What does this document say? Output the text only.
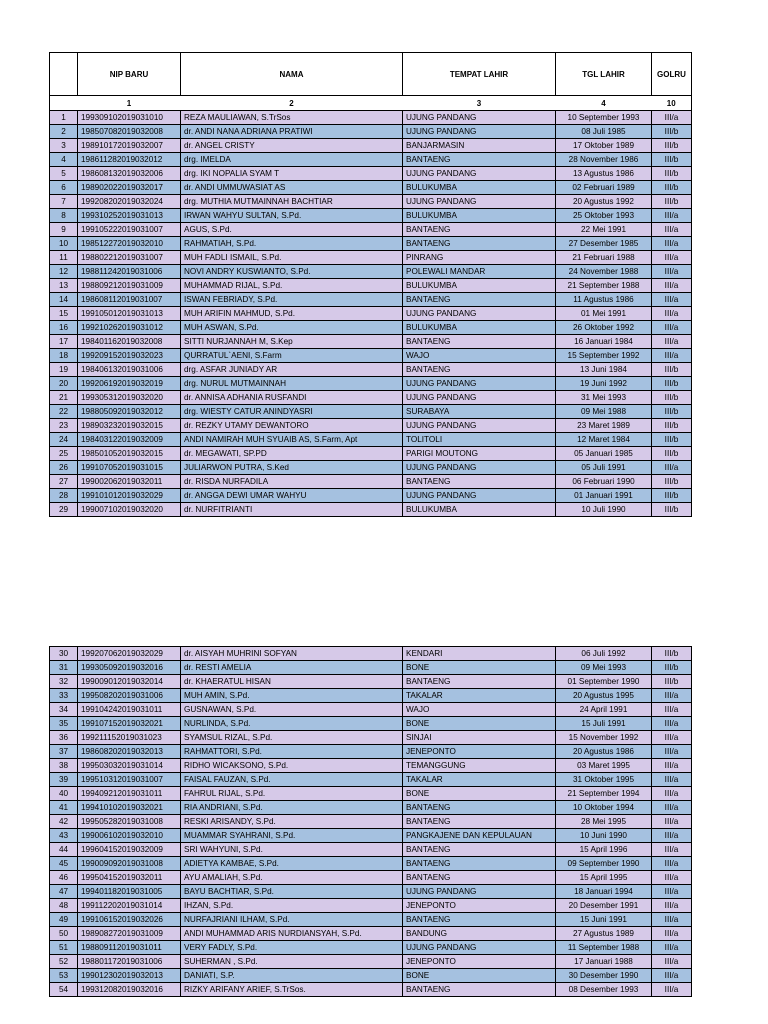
	NIP BARU	NAMA	TEMPAT LAHIR	TGL LAHIR	GOLRU
	1	2	3	4	10
1	199309102019031010	REZA MAULIAWAN, S.TrSos	UJUNG PANDANG	10 September 1993	III/a
2	198507082019032008	dr. ANDI NANA ADRIANA PRATIWI	UJUNG PANDANG	08 Juli 1985	III/b
3	198910172019032007	dr. ANGEL CRISTY	BANJARMASIN	17 Oktober 1989	III/b
4	198611282019032012	drg. IMELDA	BANTAENG	28 November 1986	III/b
5	198608132019032006	drg. IKI NOPALIA SYAM T	UJUNG PANDANG	13 Agustus 1986	III/b
6	198902022019032017	dr. ANDI UMMUWASIAT AS	BULUKUMBA	02 Februari 1989	III/b
7	199208202019032024	drg. MUTHIA MUTMAINNAH BACHTIAR	UJUNG PANDANG	20 Agustus 1992	III/b
8	199310252019031013	IRWAN WAHYU SULTAN, S.Pd.	BULUKUMBA	25 Oktober 1993	III/a
9	199105222019031007	AGUS, S.Pd.	BANTAENG	22 Mei 1991	III/a
10	198512272019032010	RAHMATIAH, S.Pd.	BANTAENG	27 Desember 1985	III/a
11	198802212019031007	MUH FADLI ISMAIL, S.Pd.	PINRANG	21 Februari 1988	III/a
12	198811242019031006	NOVI ANDRY KUSWIANTO, S.Pd.	POLEWALI MANDAR	24 November 1988	III/a
13	198809212019031009	MUHAMMAD RIJAL, S.Pd.	BULUKUMBA	21 September 1988	III/a
14	198608112019031007	ISWAN FEBRIADY, S.Pd.	BANTAENG	11 Agustus 1986	III/a
15	199105012019031013	MUH ARIFIN MAHMUD, S.Pd.	UJUNG PANDANG	01 Mei 1991	III/a
16	199210262019031012	MUH ASWAN, S.Pd.	BULUKUMBA	26 Oktober 1992	III/a
17	198401162019032008	SITTI NURJANNAH M, S.Kep	BANTAENG	16 Januari 1984	III/a
18	199209152019032023	QURRATUL`AENI, S.Farm	WAJO	15 September 1992	III/a
19	198406132019031006	drg. ASFAR JUNIADY AR	BANTAENG	13 Juni 1984	III/b
20	199206192019032019	drg. NURUL MUTMAINNAH	UJUNG PANDANG	19 Juni 1992	III/b
21	199305312019032020	dr. ANNISA ADHANIA RUSFANDI	UJUNG PANDANG	31 Mei 1993	III/b
22	198805092019032012	drg. WIESTY CATUR ANINDYASRI	SURABAYA	09 Mei 1988	III/b
23	198903232019032015	dr. REZKY UTAMY DEWANTORO	UJUNG PANDANG	23 Maret 1989	III/b
24	198403122019032009	ANDI NAMIRAH MUH SYUAIB AS, S.Farm, Apt	TOLITOLI	12 Maret 1984	III/b
25	198501052019032015	dr. MEGAWATI, SP.PD	PARIGI MOUTONG	05 Januari 1985	III/b
26	199107052019031015	JULIARWON PUTRA, S.Ked	UJUNG PANDANG	05 Juli 1991	III/a
27	199002062019032011	dr. RISDA NURFADILA	BANTAENG	06 Februari 1990	III/b
28	199101012019032029	dr. ANGGA DEWI UMAR WAHYU	UJUNG PANDANG	01 Januari 1991	III/b
29	199007102019032020	dr. NURFITRIANTI	BULUKUMBA	10 Juli 1990	III/b
30	199207062019032029	dr. AISYAH MUHRINI SOFYAN	KENDARI	06 Juli 1992	III/b
31	199305092019032016	dr. RESTI AMELIA	BONE	09 Mei 1993	III/b
32	199009012019032014	dr. KHAERATUL HISAN	BANTAENG	01 September 1990	III/b
33	199508202019031006	MUH AMIN, S.Pd.	TAKALAR	20 Agustus 1995	III/a
34	199104242019031011	GUSNAWAN, S.Pd.	WAJO	24 April 1991	III/a
35	199107152019032021	NURLINDA, S.Pd.	BONE	15 Juli 1991	III/a
36	199211152019031023	SYAMSUL RIZAL, S.Pd.	SINJAI	15 November 1992	III/a
37	198608202019032013	RAHMATTORI, S.Pd.	JENEPONTO	20 Agustus 1986	III/a
38	199503032019031014	RIDHO WICAKSONO, S.Pd.	TEMANGGUNG	03 Maret 1995	III/a
39	199510312019031007	FAISAL FAUZAN, S.Pd.	TAKALAR	31 Oktober 1995	III/a
40	199409212019031011	FAHRUL RIJAL, S.Pd.	BONE	21 September 1994	III/a
41	199410102019032021	RIA ANDRIANI, S.Pd.	BANTAENG	10 Oktober 1994	III/a
42	199505282019031008	RESKI ARISANDY, S.Pd.	BANTAENG	28 Mei 1995	III/a
43	199006102019032010	MUAMMAR SYAHRANI, S.Pd.	PANGKAJENE DAN KEPULAUAN	10 Juni 1990	III/a
44	199604152019032009	SRI WAHYUNI, S.Pd.	BANTAENG	15 April 1996	III/a
45	199009092019031008	ADIETYA KAMBAE, S.Pd.	BANTAENG	09 September 1990	III/a
46	199504152019032011	AYU AMALIAH, S.Pd.	BANTAENG	15 April 1995	III/a
47	199401182019031005	BAYU BACHTIAR, S.Pd.	UJUNG PANDANG	18 Januari 1994	III/a
48	199112202019031014	IHZAN, S.Pd.	JENEPONTO	20 Desember 1991	III/a
49	199106152019032026	NURFAJRIANI ILHAM, S.Pd.	BANTAENG	15 Juni 1991	III/a
50	198908272019031009	ANDI MUHAMMAD ARIS NURDIANSYAH, S.Pd.	BANDUNG	27 Agustus 1989	III/a
51	198809112019031011	VERY FADLY, S.Pd.	UJUNG PANDANG	11 September 1988	III/a
52	198801172019031006	SUHERMAN , S.Pd.	JENEPONTO	17 Januari 1988	III/a
53	199012302019032013	DANIATI, S.P.	BONE	30 Desember 1990	III/a
54	199312082019032016	RIZKY ARIFANY ARIEF, S.TrSos.	BANTAENG	08 Desember 1993	III/a
